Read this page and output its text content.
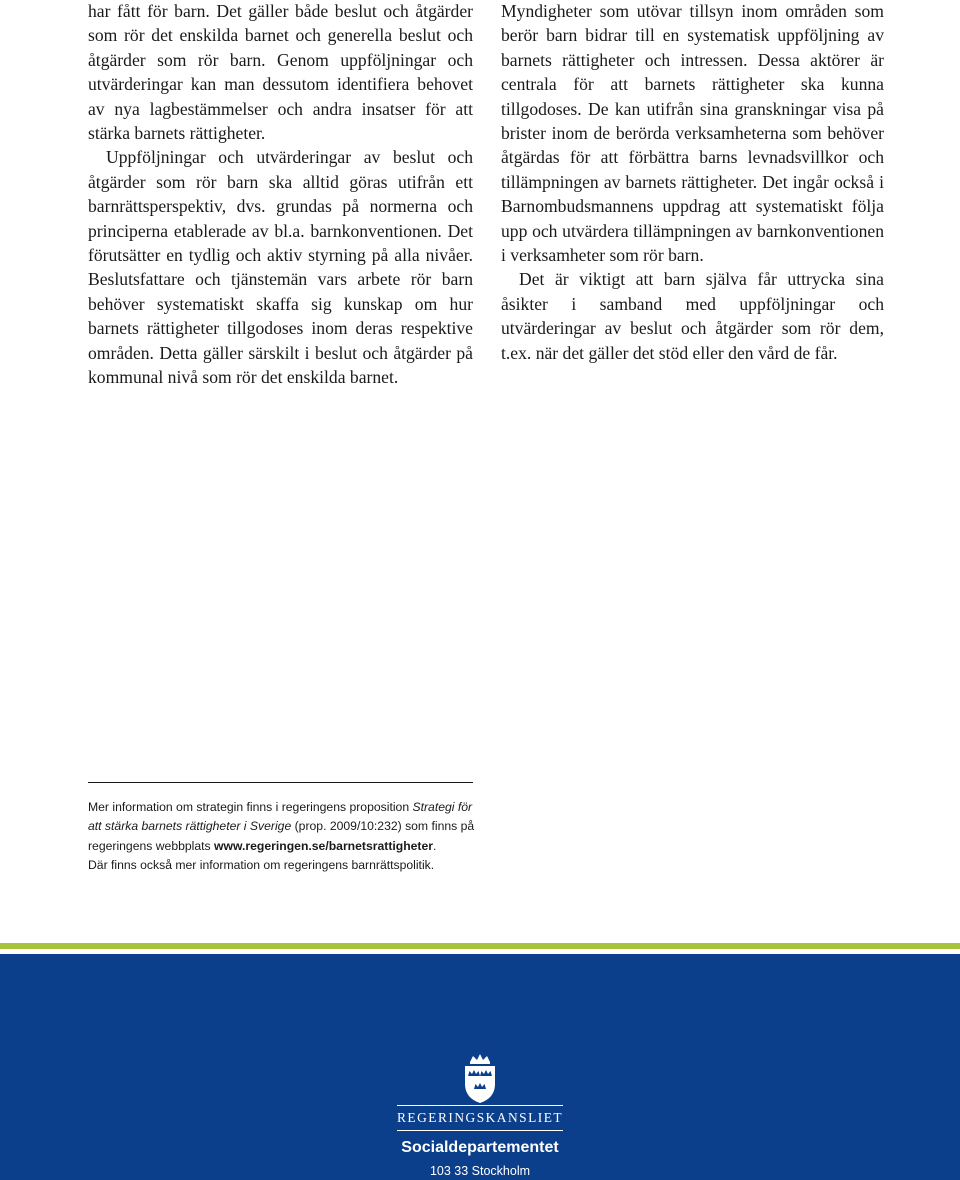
har fått för barn. Det gäller både beslut och åtgärder som rör det enskilda barnet och generella beslut och åtgärder som rör barn. Genom uppföljningar och utvärderingar kan man dessutom identifiera behovet av nya lagbestämmelser och andra insatser för att stärka barnets rättigheter.

Uppföljningar och utvärderingar av beslut och åtgärder som rör barn ska alltid göras utifrån ett barnrättsperspektiv, dvs. grundas på normerna och principerna etablerade av bl.a. barnkonventionen. Det förutsätter en tydlig och aktiv styrning på alla nivåer. Beslutsfattare och tjänstemän vars arbete rör barn behöver systematiskt skaffa sig kunskap om hur barnets rättigheter tillgodoses inom deras respektive områden. Detta gäller särskilt i beslut och åtgärder på kommunal nivå som rör det enskilda barnet.

Myndigheter som utövar tillsyn inom områden som berör barn bidrar till en systematisk uppföljning av barnets rättigheter och intressen. Dessa aktörer är centrala för att barnets rättigheter ska kunna tillgodoses. De kan utifrån sina granskningar visa på brister inom de berörda verksamheterna som behöver åtgärdas för att förbättra barns levnadsvillkor och tillämpningen av barnets rättigheter. Det ingår också i Barnombudsmannens uppdrag att systematiskt följa upp och utvärdera tillämpningen av barnkonventionen i verksamheter som rör barn.

Det är viktigt att barn själva får uttrycka sina åsikter i samband med uppföljningar och utvärderingar av beslut och åtgärder som rör dem, t.ex. när det gäller det stöd eller den vård de får.

Mer information om strategin finns i regeringens proposition Strategi för att stärka barnets rättigheter i Sverige (prop. 2009/10:232) som finns på regeringens webbplats www.regeringen.se/barnetsrattigheter.

Där finns också mer information om regeringens barnrättspolitik.

REGERINGSKANSLIET
Socialdepartementet
103 33 Stockholm
